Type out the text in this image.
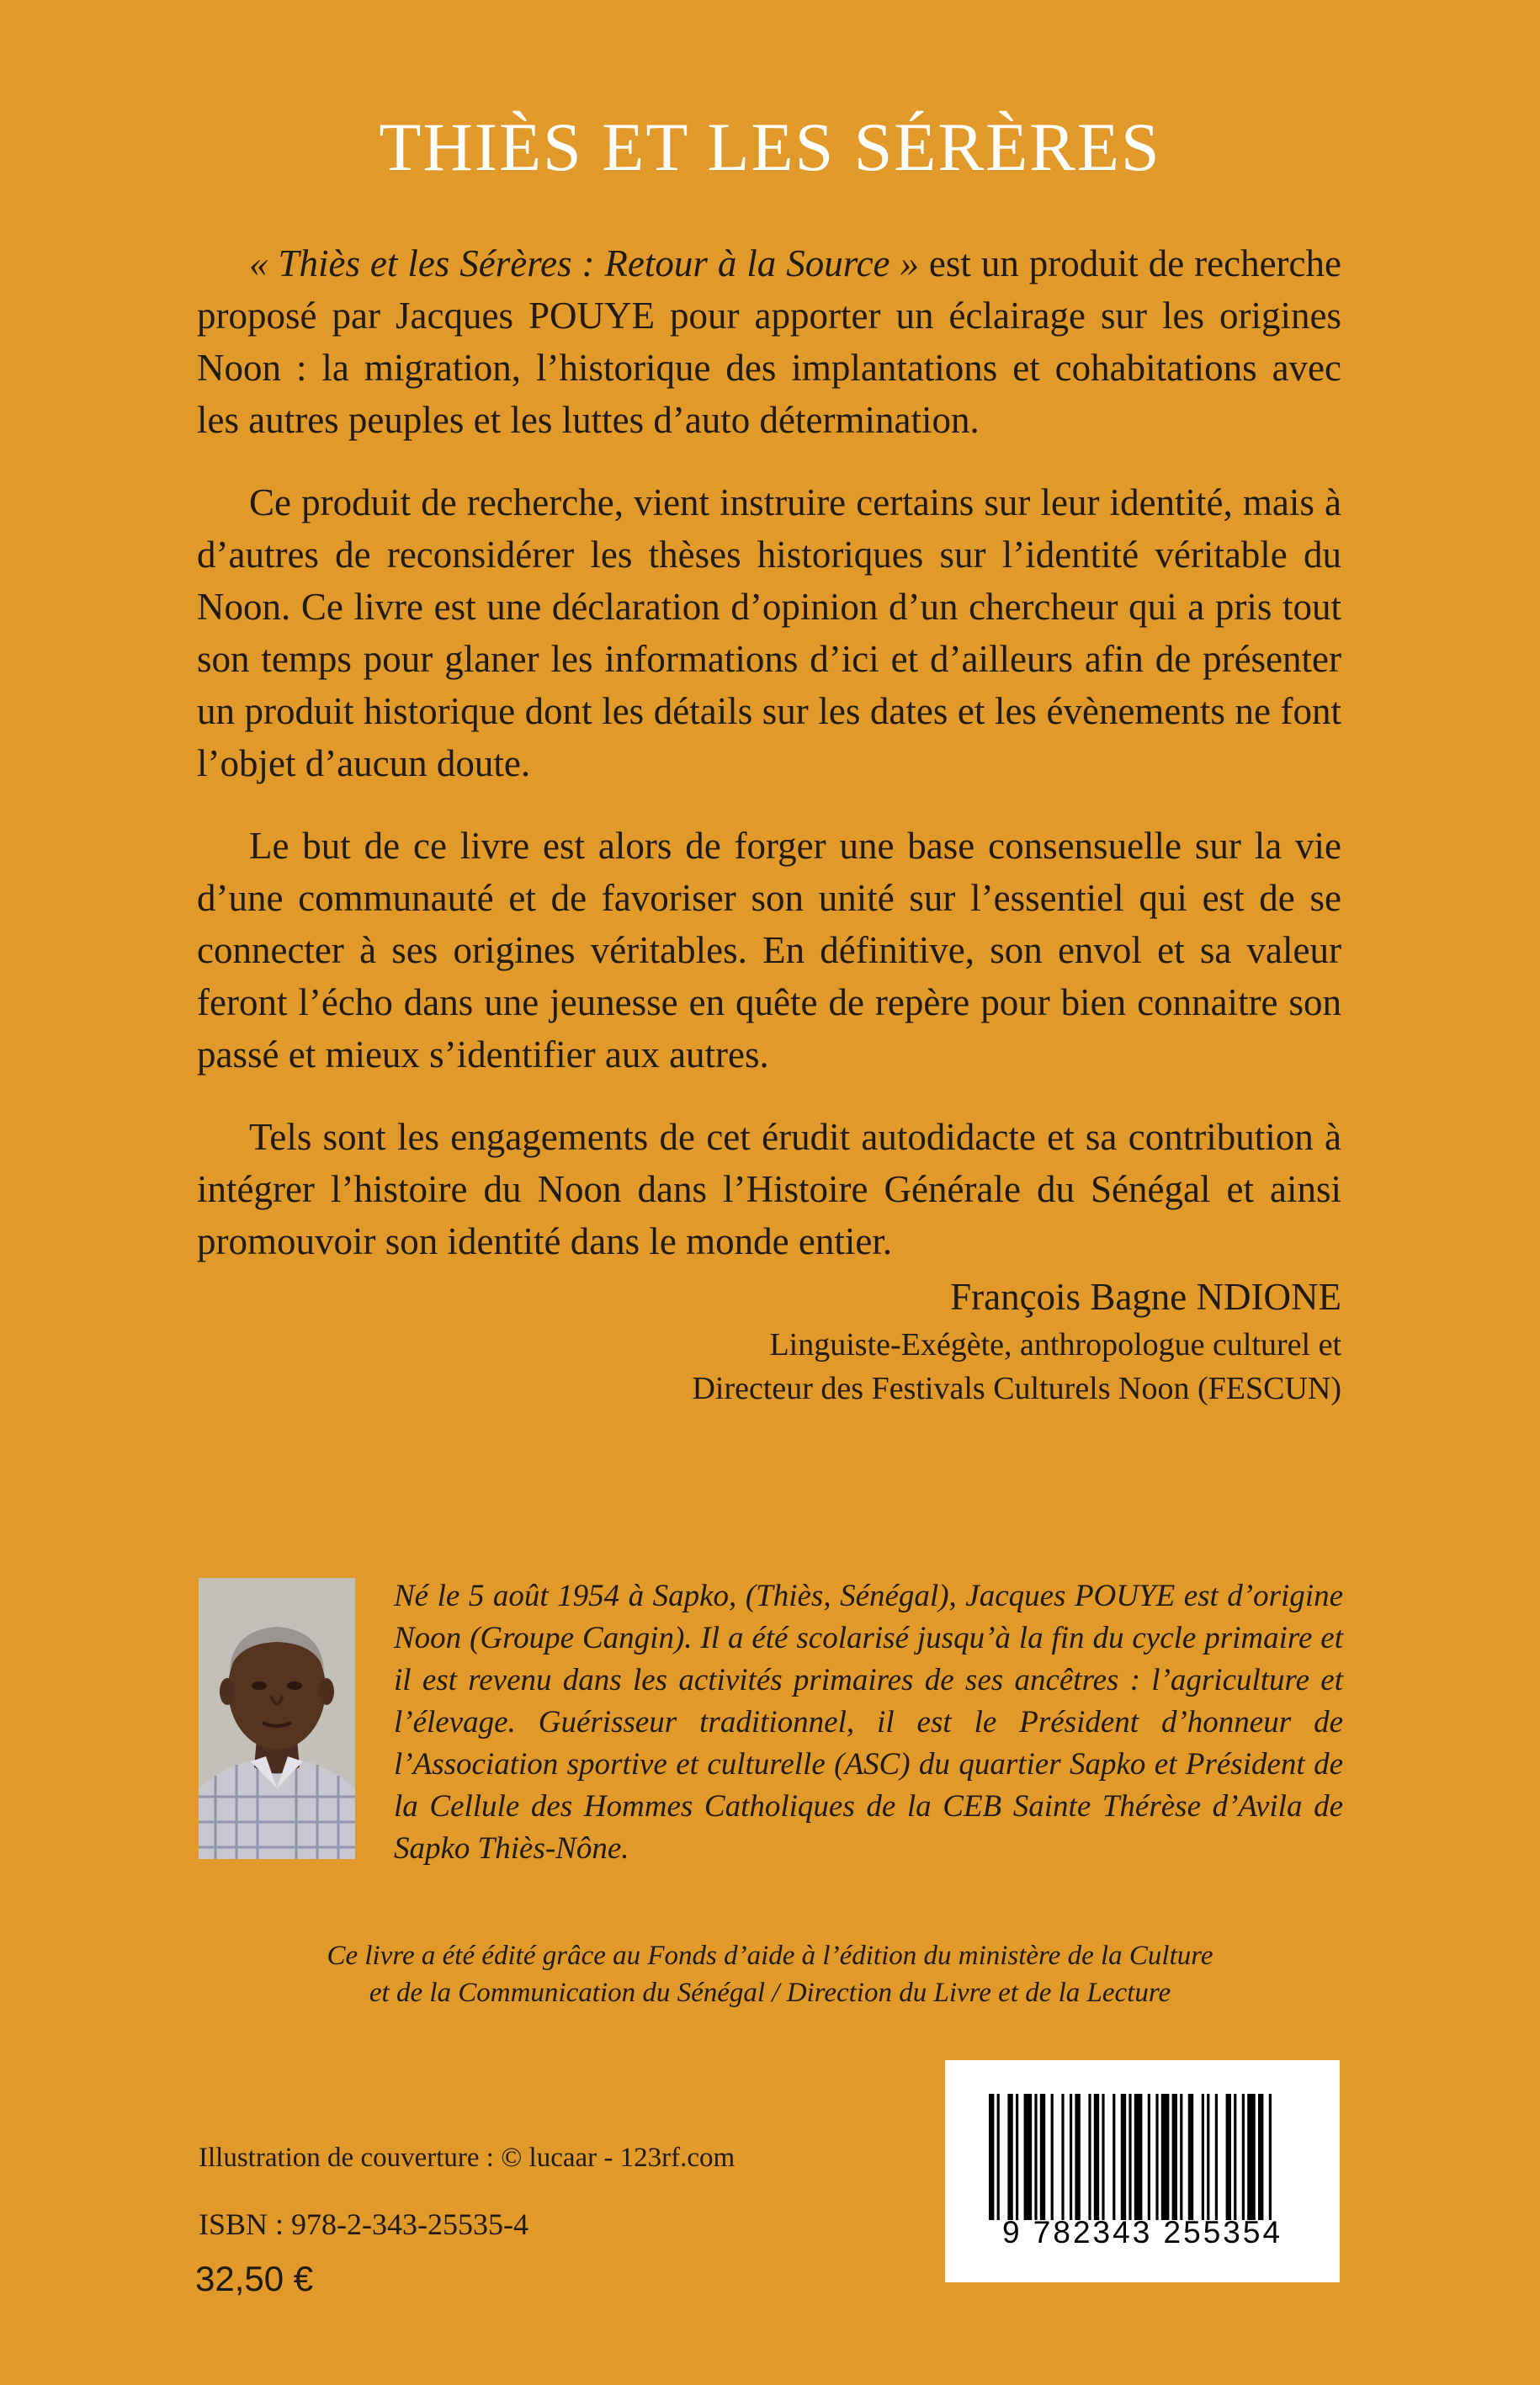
THIÈS ET LES SÉRÈRES

« Thiès et les Sérères : Retour à la Source » est un produit de recherche proposé par Jacques POUYE pour apporter un éclairage sur les origines Noon : la migration, l’historique des implantations et cohabitations avec les autres peuples et les luttes d’auto détermination.

Ce produit de recherche, vient instruire certains sur leur identité, mais à d’autres de reconsidérer les thèses historiques sur l’identité véritable du Noon. Ce livre est une déclaration d’opinion d’un chercheur qui a pris tout son temps pour glaner les informations d’ici et d’ailleurs afin de présenter un produit historique dont les détails sur les dates et les évènements ne font l’objet d’aucun doute.

Le but de ce livre est alors de forger une base consensuelle sur la vie d’une communauté et de favoriser son unité sur l’essentiel qui est de se connecter à ses origines véritables. En définitive, son envol et sa valeur feront l’écho dans une jeunesse en quête de repère pour bien connaitre son passé et mieux s’identifier aux autres.

Tels sont les engagements de cet érudit autodidacte et sa contribution à intégrer l’histoire du Noon dans l’Histoire Générale du Sénégal et ainsi promouvoir son identité dans le monde entier.

François Bagne NDIONE
Linguiste-Exégète, anthropologue culturel et
Directeur des Festivals Culturels Noon (FESCUN)

Né le 5 août 1954 à Sapko, (Thiès, Sénégal), Jacques POUYE est d’origine Noon (Groupe Cangin). Il a été scolarisé jusqu’à la fin du cycle primaire et il est revenu dans les activités primaires de ses ancêtres : l’agriculture et l’élevage. Guérisseur traditionnel, il est le Président d’honneur de l’Association sportive et culturelle (ASC) du quartier Sapko et Président de la Cellule des Hommes Catholiques de la CEB Sainte Thérèse d’Avila de Sapko Thiès-Nône.

Ce livre a été édité grâce au Fonds d’aide à l’édition du ministère de la Culture
et de la Communication du Sénégal / Direction du Livre et de la Lecture
Illustration de couverture : © lucaar - 123rf.com
ISBN : 978-2-343-25535-4
32,50 €
9 782343 255354
